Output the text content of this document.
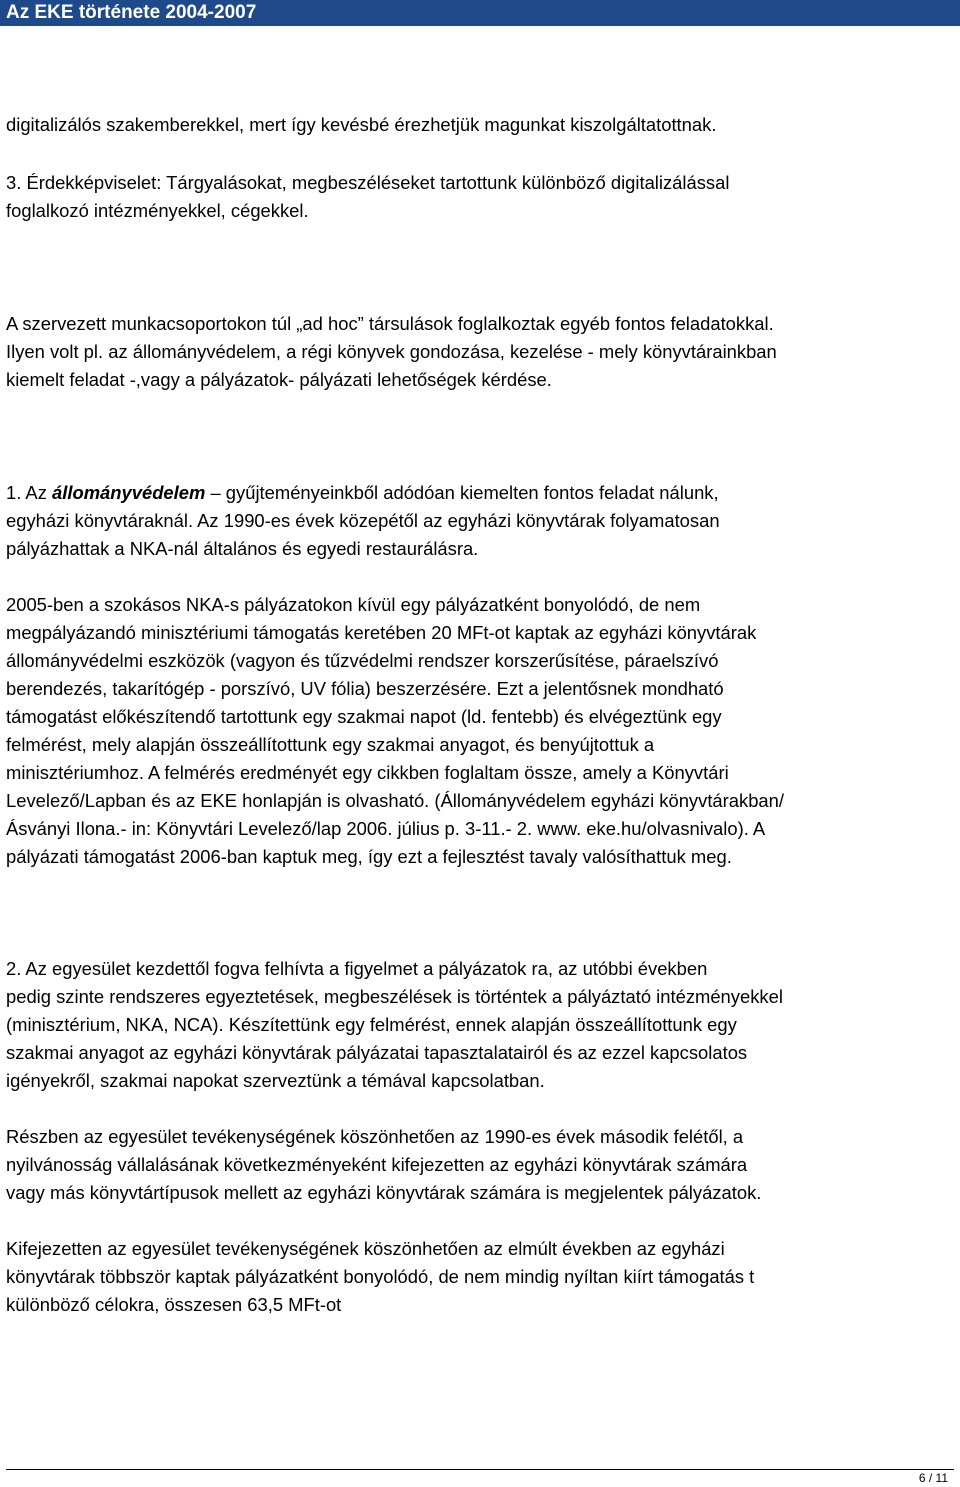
Az EKE története 2004-2007
digitalizálós szakemberekkel, mert így kevésbé érezhetjük magunkat kiszolgáltatottnak.
3. Érdekképviselet: Tárgyalásokat, megbeszéléseket tartottunk különböző digitalizálással
foglalkozó intézményekkel, cégekkel.
A szervezett munkacsoportokon túl „ad hoc” társulások foglalkoztak egyéb fontos feladatokkal.
Ilyen volt pl. az állományvédelem, a régi könyvek gondozása, kezelése - mely könyvtárainkban
kiemelt feladat -,vagy a pályázatok- pályázati lehetőségek kérdése.
1. Az állományvédelem – gyűjteményeinkből adódóan kiemelten fontos feladat nálunk,
egyházi könyvtáraknál. Az 1990-es évek közepétől az egyházi könyvtárak folyamatosan
pályázhattak a NKA-nál általános és egyedi restaurálásra.
2005-ben a szokásos NKA-s pályázatokon kívül egy pályázatként bonyolódó, de nem
megpályázandó minisztériumi támogatás keretében 20 MFt-ot kaptak az egyházi könyvtárak
állományvédelmi eszközök (vagyon és tűzvédelmi rendszer korszerűsítése, páraelszívó
berendezés, takarítógép - porszívó, UV fólia) beszerzésére. Ezt a jelentősnek mondható
támogatást előkészítendő tartottunk egy szakmai napot (ld. fentebb) és elvégeztünk egy
felmérést, mely alapján összeállítottunk egy szakmai anyagot, és benyújtottuk a
minisztériumhoz. A felmérés eredményét egy cikkben foglaltam össze, amely a Könyvtári
Levelező/Lapban és az EKE honlapján is olvasható. (Állományvédelem egyházi könyvtárakban/
Ásványi Ilona.- in: Könyvtári Levelező/lap 2006. július p. 3-11.- 2. www. eke.hu/olvasnivalo). A
pályázati támogatást 2006-ban kaptuk meg, így ezt a fejlesztést tavaly valósíthattuk meg.
2. Az egyesület kezdettől fogva felhívta a figyelmet a pályázatok ra, az utóbbi években
pedig szinte rendszeres egyeztetések, megbeszélések is történtek a pályáztató intézményekkel
(minisztérium, NKA, NCA). Készítettünk egy felmérést, ennek alapján összeállítottunk egy
szakmai anyagot az egyházi könyvtárak pályázatai tapasztalatairól és az ezzel kapcsolatos
igényekről, szakmai napokat szerveztünk a témával kapcsolatban.
Részben az egyesület tevékenységének köszönhetően az 1990-es évek második felétől, a
nyilvánosság vállalásának következményeként kifejezetten az egyházi könyvtárak számára
vagy más könyvtártípusok mellett az egyházi könyvtárak számára is megjelentek pályázatok.
Kifejezetten az egyesület tevékenységének köszönhetően az elmúlt években az egyházi
könyvtárak többször kaptak pályázatként bonyolódó, de nem mindig nyíltan kiírt támogatás t
különböző célokra, összesen 63,5 MFt-ot
6 / 11
